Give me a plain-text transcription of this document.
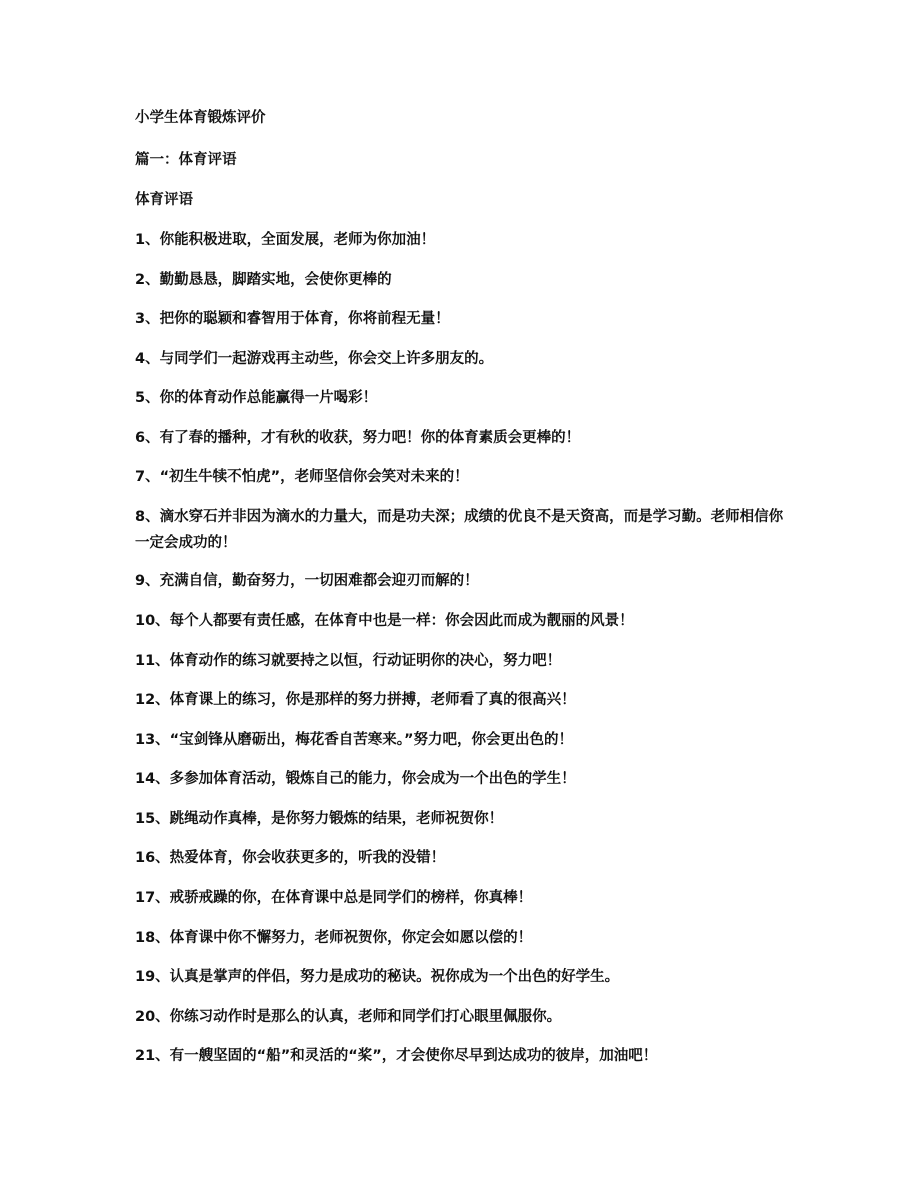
小学生体育锻炼评价
篇一：体育评语
体育评语
1、你能积极进取，全面发展，老师为你加油！
2、勤勤恳恳，脚踏实地，会使你更棒的
3、把你的聪颖和睿智用于体育，你将前程无量！
4、与同学们一起游戏再主动些，你会交上许多朋友的。
5、你的体育动作总能赢得一片喝彩！
6、有了春的播种，才有秋的收获，努力吧！你的体育素质会更棒的！
7、“初生牛犊不怕虎”，老师坚信你会笑对未来的！
8、滴水穿石并非因为滴水的力量大，而是功夫深；成绩的优良不是天资高，而是学习勤。老师相信你一定会成功的！
9、充满自信，勤奋努力，一切困难都会迎刃而解的！
10、每个人都要有责任感，在体育中也是一样：你会因此而成为靓丽的风景！
11、体育动作的练习就要持之以恒，行动证明你的决心，努力吧！
12、体育课上的练习，你是那样的努力拼搏，老师看了真的很高兴！
13、“宝剑锋从磨砺出，梅花香自苦寒来。”努力吧，你会更出色的！
14、多参加体育活动，锻炼自己的能力，你会成为一个出色的学生！
15、跳绳动作真棒，是你努力锻炼的结果，老师祝贺你！
16、热爱体育，你会收获更多的，听我的没错！
17、戒骄戒躁的你，在体育课中总是同学们的榜样，你真棒！
18、体育课中你不懈努力，老师祝贺你，你定会如愿以偿的！
19、认真是掌声的伴侣，努力是成功的秘诀。祝你成为一个出色的好学生。
20、你练习动作时是那么的认真，老师和同学们打心眼里佩服你。
21、有一艘坚固的“船”和灵活的“桨”，才会使你尽早到达成功的彼岸，加油吧！
